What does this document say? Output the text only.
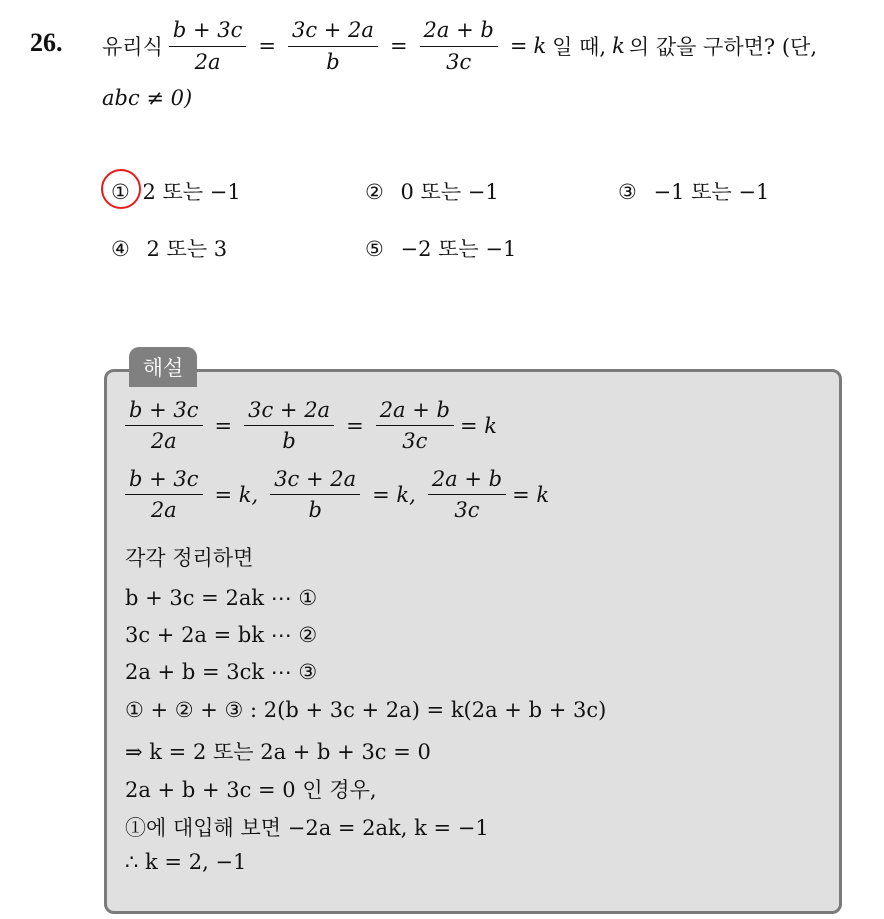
26. 유리식 $\frac{b + 3c}{2a} = \frac{3c + 2a}{b} = \frac{2a + b}{3c} = k$ 일 때, k 의 값을 구하면? (단,
abc ≠ 0)
① 2 또는 −1	② 0 또는 −1	③ −1 또는 −1
④ 2 또는 3	⑤ −2 또는 −1
해설
$\frac{b + 3c}{2a} = \frac{3c + 2a}{b} = \frac{2a + b}{3c} = k$
$\frac{b + 3c}{2a} = k$, $\frac{3c + 2a}{b} = k$, $\frac{2a + b}{3c} = k$
각각 정리하면
b + 3c = 2ak ⋯ ①
3c + 2a = bk ⋯ ②
2a + b = 3ck ⋯ ③
① + ② + ③ : 2(b + 3c + 2a) = k(2a + b + 3c)
⇒ k = 2 또는 2a + b + 3c = 0
2a + b + 3c = 0 인 경우,
①에 대입해 보면 −2a = 2ak, k = −1
∴ k = 2, −1
